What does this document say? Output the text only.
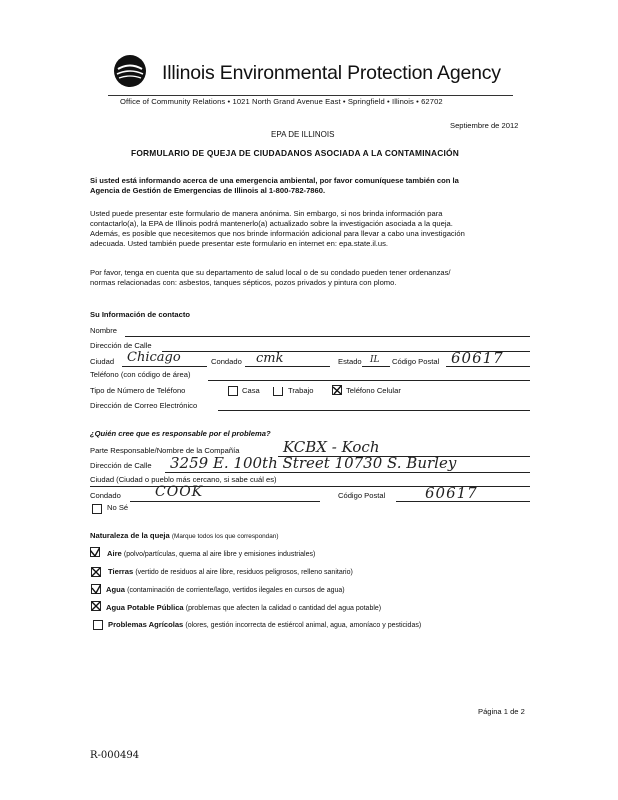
Illinois Environmental Protection Agency
Office of Community Relations • 1021 North Grand Avenue East • Springfield • Illinois • 62702
Septiembre de 2012
EPA DE ILLINOIS
FORMULARIO DE QUEJA DE CIUDADANOS ASOCIADA A LA CONTAMINACIÓN
Si usted está informando acerca de una emergencia ambiental, por favor comuníquese también con la
Agencia de Gestión de Emergencias de Illinois al 1-800-782-7860.
Usted puede presentar este formulario de manera anónima. Sin embargo, si nos brinda información para
contactarlo(a), la EPA de Illinois podrá mantenerlo(a) actualizado sobre la investigación asociada a la queja.
Además, es posible que necesitemos que nos brinde información adicional para llevar a cabo una investigación
adecuada. Usted también puede presentar este formulario en internet en: epa.state.il.us.
Por favor, tenga en cuenta que su departamento de salud local o de su condado pueden tener ordenanzas/
normas relacionadas con: asbestos, tanques sépticos, pozos privados y pintura con plomo.
Su Información de contacto
Nombre
Dirección de Calle
Ciudad Chicago	Condado cmk	Estado IL Código Postal 60617
Teléfono (con código de área)
Tipo de Número de Teléfono	Casa	Trabajo	Teléfono Celular
Dirección de Correo Electrónico
¿Quién cree que es responsable por el problema?
Parte Responsable/Nombre de la Compañía	KCBX - Koch
Dirección de Calle 3259 E. 100th Street 10730 S. Burley
Ciudad (Ciudad o pueblo más cercano, si sabe cuál es)
Condado COOK	Código Postal	60617
No Sé
Naturaleza de la queja (Marque todos los que correspondan)
Aire (polvo/partículas, quema al aire libre y emisiones industriales)
Tierras (vertido de residuos al aire libre, residuos peligrosos, relleno sanitario)
Agua (contaminación de corriente/lago, vertidos ilegales en cursos de agua)
Agua Potable Pública (problemas que afecten la calidad o cantidad del agua potable)
Problemas Agrícolas (olores, gestión incorrecta de estiércol animal, agua, amoníaco y pesticidas)
Página 1 de 2
R-000494
